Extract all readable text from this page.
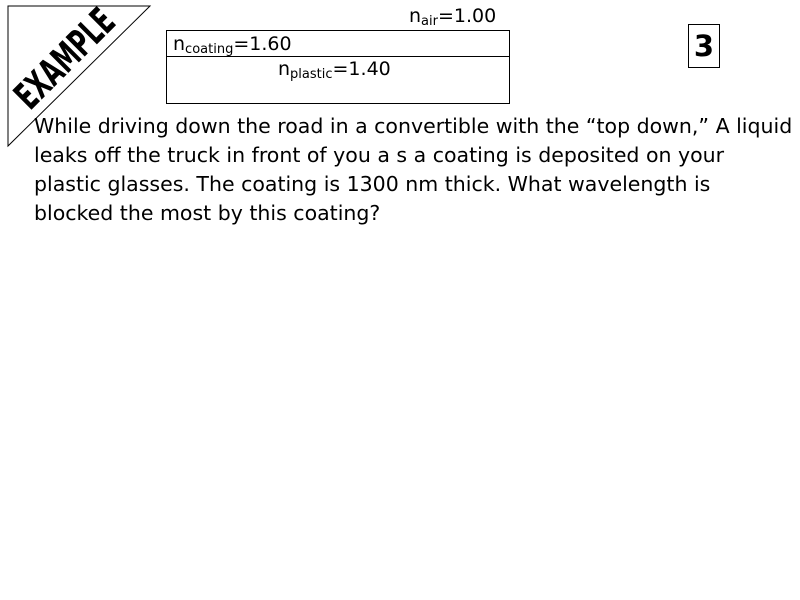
EXAMPLE	$n_{air}=1.00$
$n_{coating}=1.60$
$n_{plastic}=1.40$
3

While driving down the road in a convertible with the “top down,” A liquid leaks off the truck in front of you a s a coating is deposited on your plastic glasses. The coating is 1300 nm thick. What wavelength is blocked the most by this coating?
